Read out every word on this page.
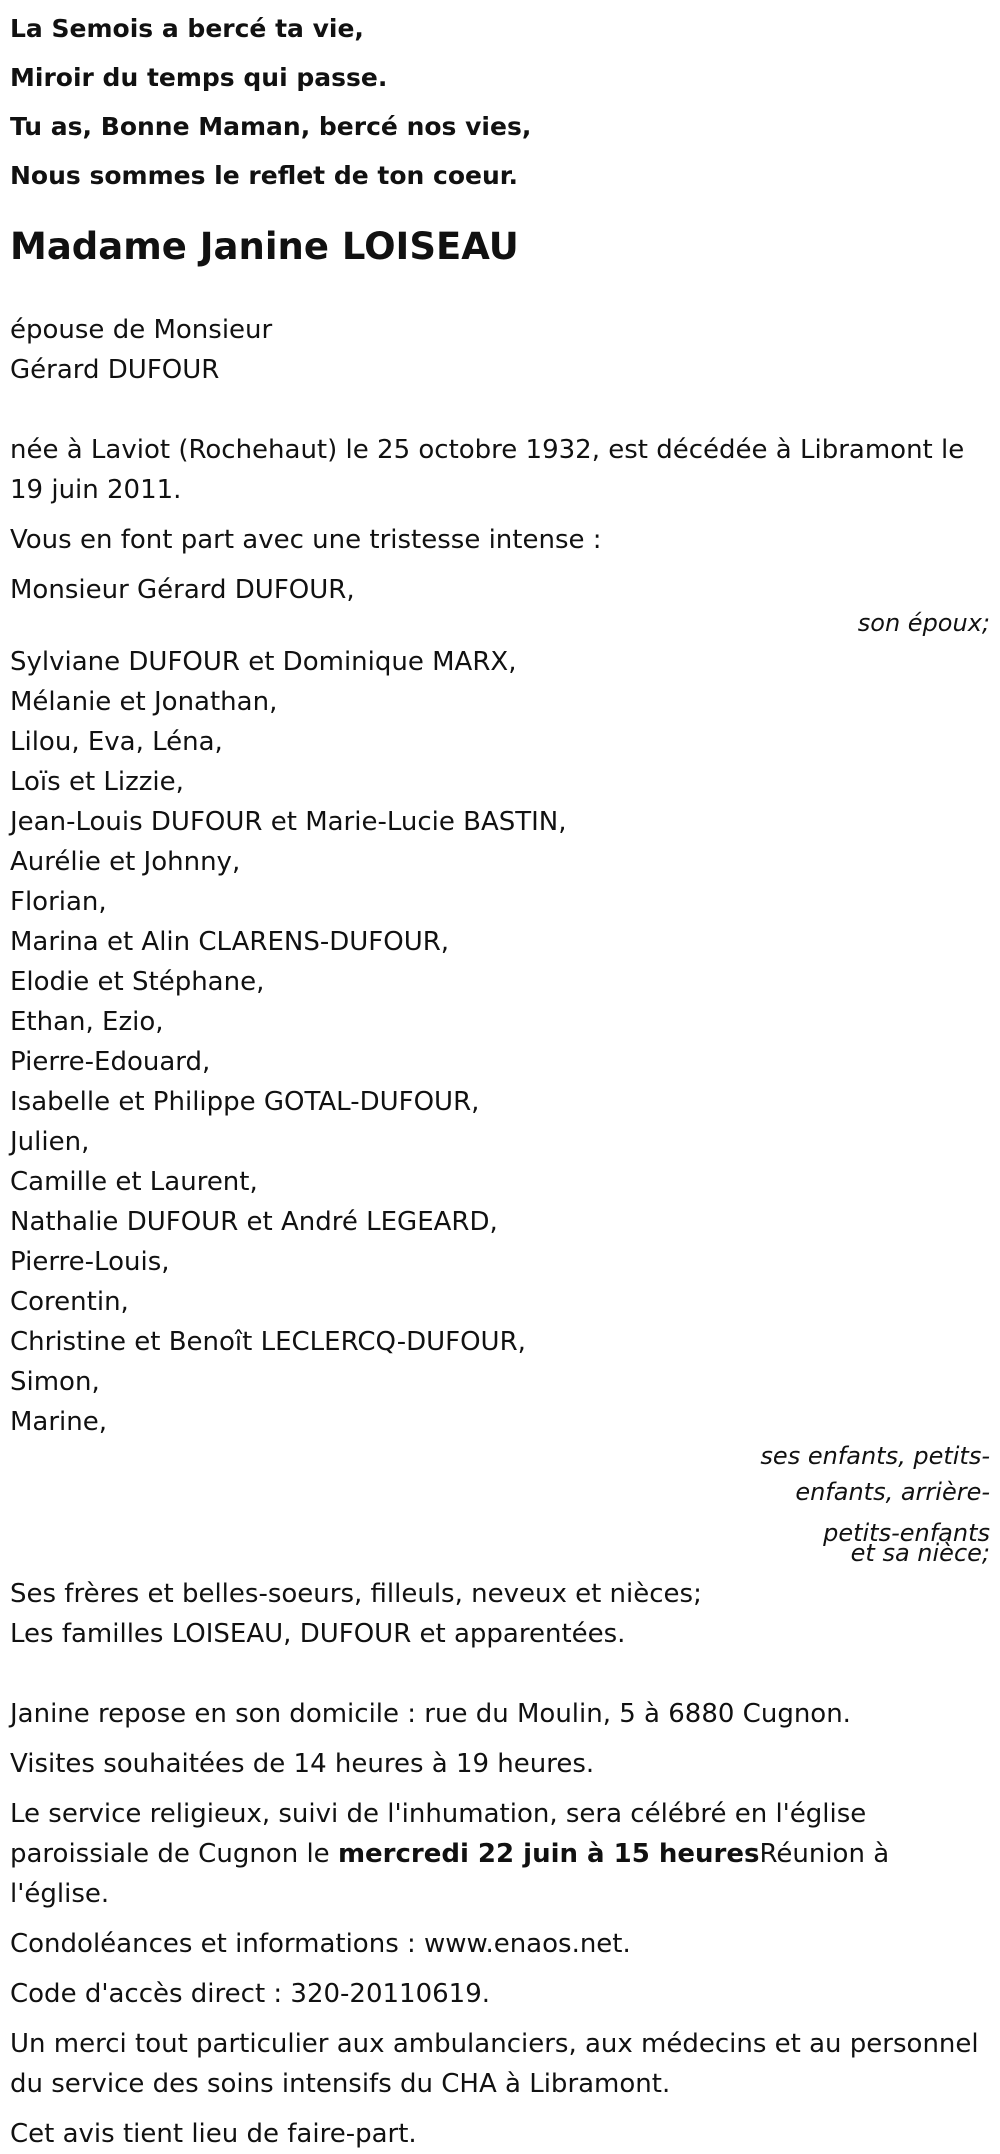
La Semois a bercé ta vie,

Miroir du temps qui passe.

Tu as, Bonne Maman, bercé nos vies,

Nous sommes le reflet de ton coeur.

Madame Janine LOISEAU

épouse de Monsieur

Gérard DUFOUR

née à Laviot (Rochehaut) le 25 octobre 1932, est décédée à Libramont le 19 juin 2011.

Vous en font part avec une tristesse intense :

Monsieur Gérard DUFOUR,

son époux;

Sylviane DUFOUR et Dominique MARX,

Mélanie et Jonathan,

Lilou, Eva, Léna,

Loïs et Lizzie,

Jean-Louis DUFOUR et Marie-Lucie BASTIN,

Aurélie et Johnny,

Florian,

Marina et Alin CLARENS-DUFOUR,

Elodie et Stéphane,

Ethan, Ezio,

Pierre-Edouard,

Isabelle et Philippe GOTAL-DUFOUR,

Julien,

Camille et Laurent,

Nathalie DUFOUR et André LEGEARD,

Pierre-Louis,

Corentin,

Christine et Benoît LECLERCQ-DUFOUR,

Simon,

Marine,

ses enfants, petits-

enfants, arrière-

petits-enfants

et sa nièce;

Ses frères et belles-soeurs, filleuls, neveux et nièces;

Les familles LOISEAU, DUFOUR et apparentées.

Janine repose en son domicile : rue du Moulin, 5 à 6880 Cugnon.

Visites souhaitées de 14 heures à 19 heures.

Le service religieux, suivi de l'inhumation, sera célébré en l'église paroissiale de Cugnon le mercredi 22 juin à 15 heuresRéunion à l'église.

Condoléances et informations : www.enaos.net.

Code d'accès direct : 320-20110619.

Un merci tout particulier aux ambulanciers, aux médecins et au personnel du service des soins intensifs du CHA à Libramont.

Cet avis tient lieu de faire-part.
